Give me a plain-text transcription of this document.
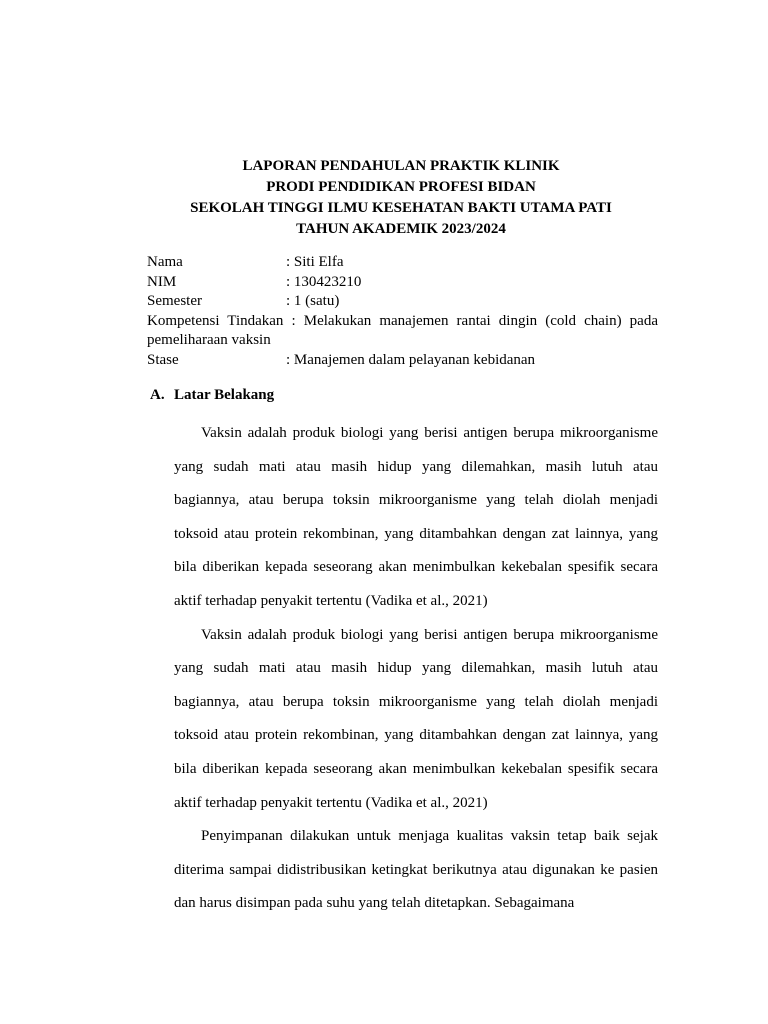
LAPORAN PENDAHULAN PRAKTIK KLINIK
PRODI PENDIDIKAN PROFESI BIDAN
SEKOLAH TINGGI ILMU KESEHATAN BAKTI UTAMA PATI
TAHUN AKADEMIK 2023/2024
Nama	: Siti Elfa
NIM	: 130423210
Semester	: 1 (satu)
Kompetensi Tindakan : Melakukan manajemen rantai dingin (cold chain) pada pemeliharaan vaksin
Stase	: Manajemen dalam pelayanan kebidanan
A. Latar Belakang

Vaksin adalah produk biologi yang berisi antigen berupa mikroorganisme yang sudah mati atau masih hidup yang dilemahkan, masih lutuh atau bagiannya, atau berupa toksin mikroorganisme yang telah diolah menjadi toksoid atau protein rekombinan, yang ditambahkan dengan zat lainnya, yang bila diberikan kepada seseorang akan menimbulkan kekebalan spesifik secara aktif terhadap penyakit tertentu (Vadika et al., 2021)

Vaksin adalah produk biologi yang berisi antigen berupa mikroorganisme yang sudah mati atau masih hidup yang dilemahkan, masih lutuh atau bagiannya, atau berupa toksin mikroorganisme yang telah diolah menjadi toksoid atau protein rekombinan, yang ditambahkan dengan zat lainnya, yang bila diberikan kepada seseorang akan menimbulkan kekebalan spesifik secara aktif terhadap penyakit tertentu (Vadika et al., 2021)

Penyimpanan dilakukan untuk menjaga kualitas vaksin tetap baik sejak diterima sampai didistribusikan ketingkat berikutnya atau digunakan ke pasien dan harus disimpan pada suhu yang telah ditetapkan. Sebagaimana
